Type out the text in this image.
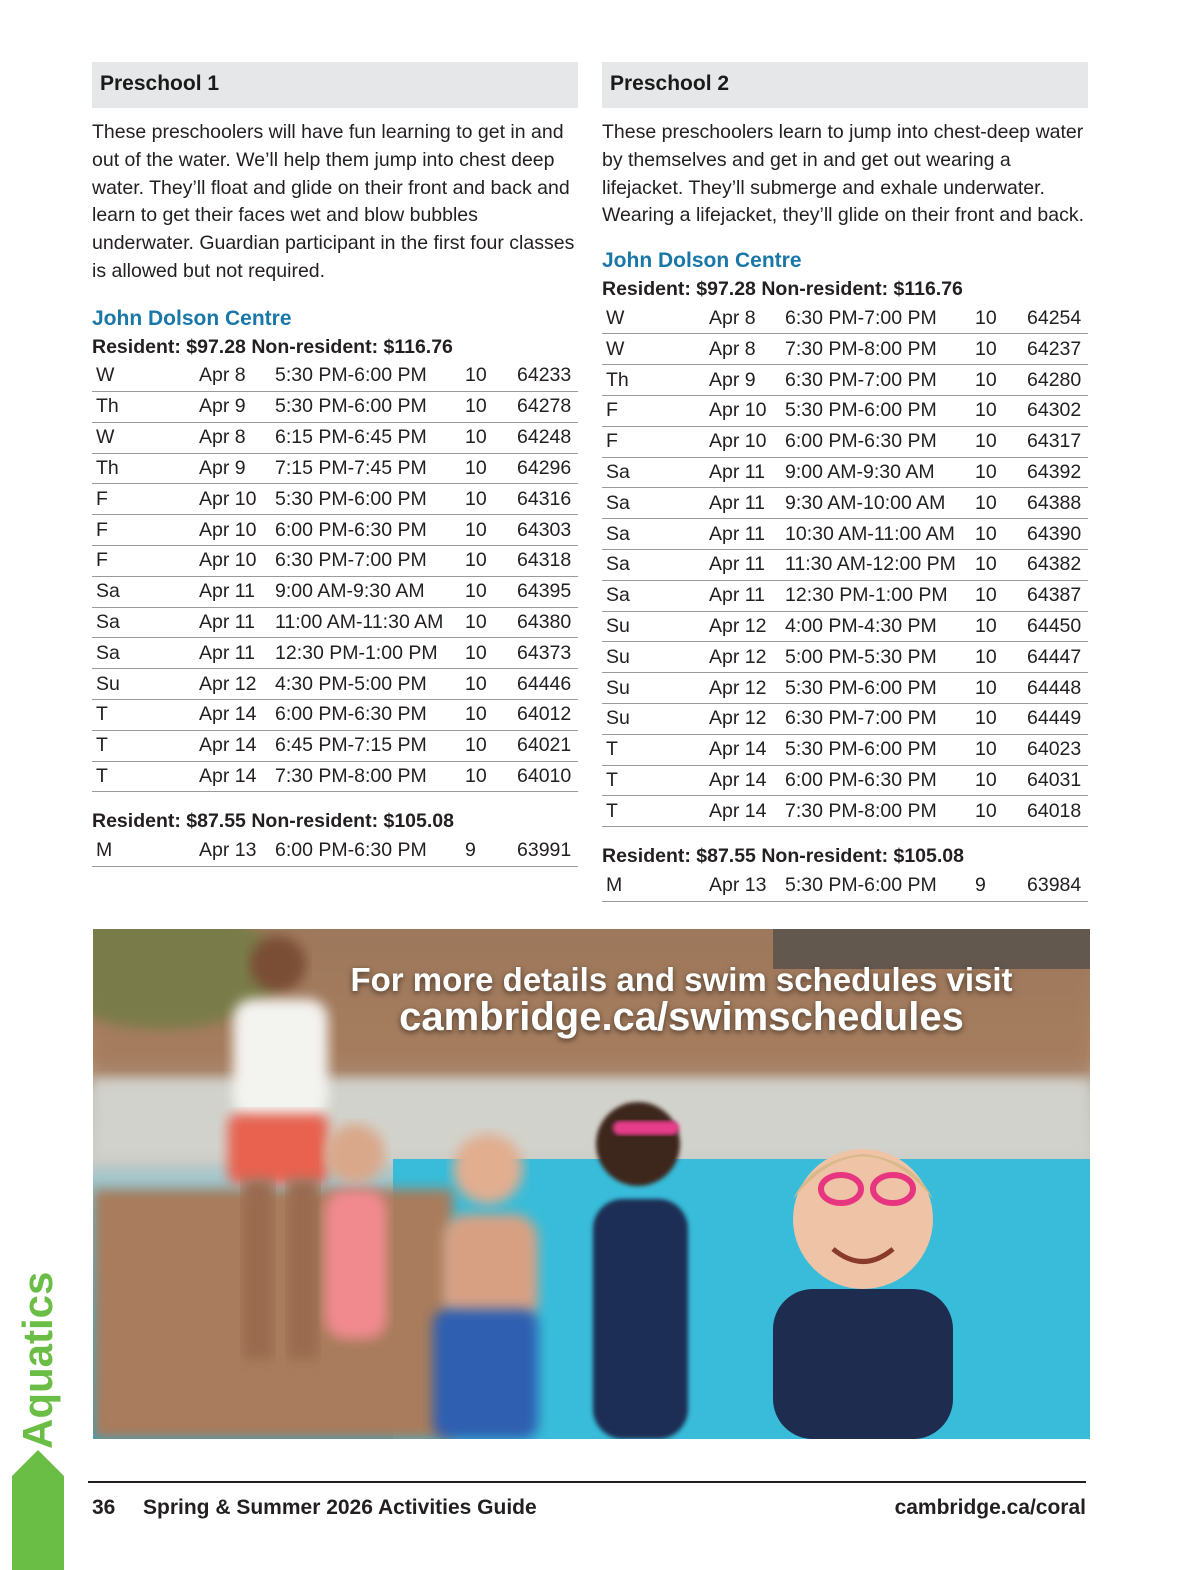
Preschool 1

These preschoolers will have fun learning to get in and out of the water. We’ll help them jump into chest deep water. They’ll float and glide on their front and back and learn to get their faces wet and blow bubbles underwater. Guardian participant in the first four classes is allowed but not required.

John Dolson Centre
Resident: $97.28 Non-resident: $116.76
W	Apr 8	5:30 PM-6:00 PM	10	64233
Th	Apr 9	5:30 PM-6:00 PM	10	64278
W	Apr 8	6:15 PM-6:45 PM	10	64248
Th	Apr 9	7:15 PM-7:45 PM	10	64296
F	Apr 10	5:30 PM-6:00 PM	10	64316
F	Apr 10	6:00 PM-6:30 PM	10	64303
F	Apr 10	6:30 PM-7:00 PM	10	64318
Sa	Apr 11	9:00 AM-9:30 AM	10	64395
Sa	Apr 11	11:00 AM-11:30 AM	10	64380
Sa	Apr 11	12:30 PM-1:00 PM	10	64373
Su	Apr 12	4:30 PM-5:00 PM	10	64446
T	Apr 14	6:00 PM-6:30 PM	10	64012
T	Apr 14	6:45 PM-7:15 PM	10	64021
T	Apr 14	7:30 PM-8:00 PM	10	64010
Resident: $87.55 Non-resident: $105.08
M	Apr 13	6:00 PM-6:30 PM	9	63991
Preschool 2

These preschoolers learn to jump into chest-deep water by themselves and get in and get out wearing a lifejacket. They’ll submerge and exhale underwater. Wearing a lifejacket, they’ll glide on their front and back.

John Dolson Centre
Resident: $97.28 Non-resident: $116.76
W	Apr 8	6:30 PM-7:00 PM	10	64254
W	Apr 8	7:30 PM-8:00 PM	10	64237
Th	Apr 9	6:30 PM-7:00 PM	10	64280
F	Apr 10	5:30 PM-6:00 PM	10	64302
F	Apr 10	6:00 PM-6:30 PM	10	64317
Sa	Apr 11	9:00 AM-9:30 AM	10	64392
Sa	Apr 11	9:30 AM-10:00 AM	10	64388
Sa	Apr 11	10:30 AM-11:00 AM	10	64390
Sa	Apr 11	11:30 AM-12:00 PM	10	64382
Sa	Apr 11	12:30 PM-1:00 PM	10	64387
Su	Apr 12	4:00 PM-4:30 PM	10	64450
Su	Apr 12	5:00 PM-5:30 PM	10	64447
Su	Apr 12	5:30 PM-6:00 PM	10	64448
Su	Apr 12	6:30 PM-7:00 PM	10	64449
T	Apr 14	5:30 PM-6:00 PM	10	64023
T	Apr 14	6:00 PM-6:30 PM	10	64031
T	Apr 14	7:30 PM-8:00 PM	10	64018
Resident: $87.55 Non-resident: $105.08
M	Apr 13	5:30 PM-6:00 PM	9	63984
For more details and swim schedules visit
cambridge.ca/swimschedules
Aquatics
36 Spring & Summer 2026 Activities Guide	cambridge.ca/coral
